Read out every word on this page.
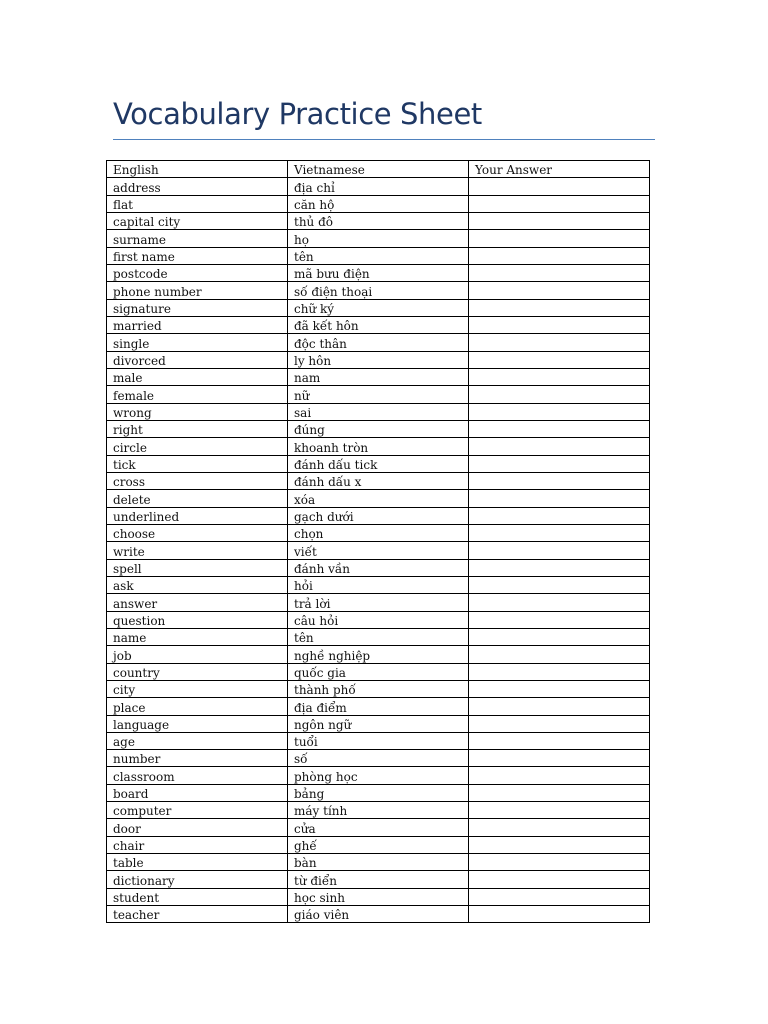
Vocabulary Practice Sheet
English	Vietnamese	Your Answer
address	địa chỉ	
flat	căn hộ	
capital city	thủ đô	
surname	họ	
first name	tên	
postcode	mã bưu điện	
phone number	số điện thoại	
signature	chữ ký	
married	đã kết hôn	
single	độc thân	
divorced	ly hôn	
male	nam	
female	nữ	
wrong	sai	
right	đúng	
circle	khoanh tròn	
tick	đánh dấu tick	
cross	đánh dấu x	
delete	xóa	
underlined	gạch dưới	
choose	chọn	
write	viết	
spell	đánh vần	
ask	hỏi	
answer	trả lời	
question	câu hỏi	
name	tên	
job	nghề nghiệp	
country	quốc gia	
city	thành phố	
place	địa điểm	
language	ngôn ngữ	
age	tuổi	
number	số	
classroom	phòng học	
board	bảng	
computer	máy tính	
door	cửa	
chair	ghế	
table	bàn	
dictionary	từ điển	
student	học sinh	
teacher	giáo viên	
